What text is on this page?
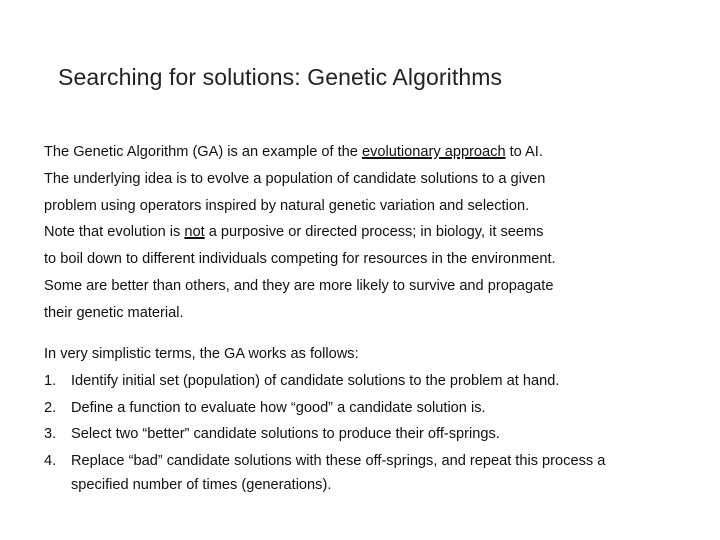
Searching for solutions: Genetic Algorithms
The Genetic Algorithm (GA) is an example of the evolutionary approach to AI.
The underlying idea is to evolve a population of candidate solutions to a given
problem using operators inspired by natural genetic variation and selection.
Note that evolution is not a purposive or directed process; in biology, it seems
to boil down to different individuals competing for resources in the environment.
Some are better than others, and they are more likely to survive and propagate
their genetic material.
In very simplistic terms, the GA works as follows:
1. Identify initial set (population) of candidate solutions to the problem at hand.
2. Define a function to evaluate how “good” a candidate solution is.
3. Select two “better” candidate solutions to produce their off-springs.
4. Replace “bad” candidate solutions with these off-springs, and repeat this process a
specified number of times (generations).
